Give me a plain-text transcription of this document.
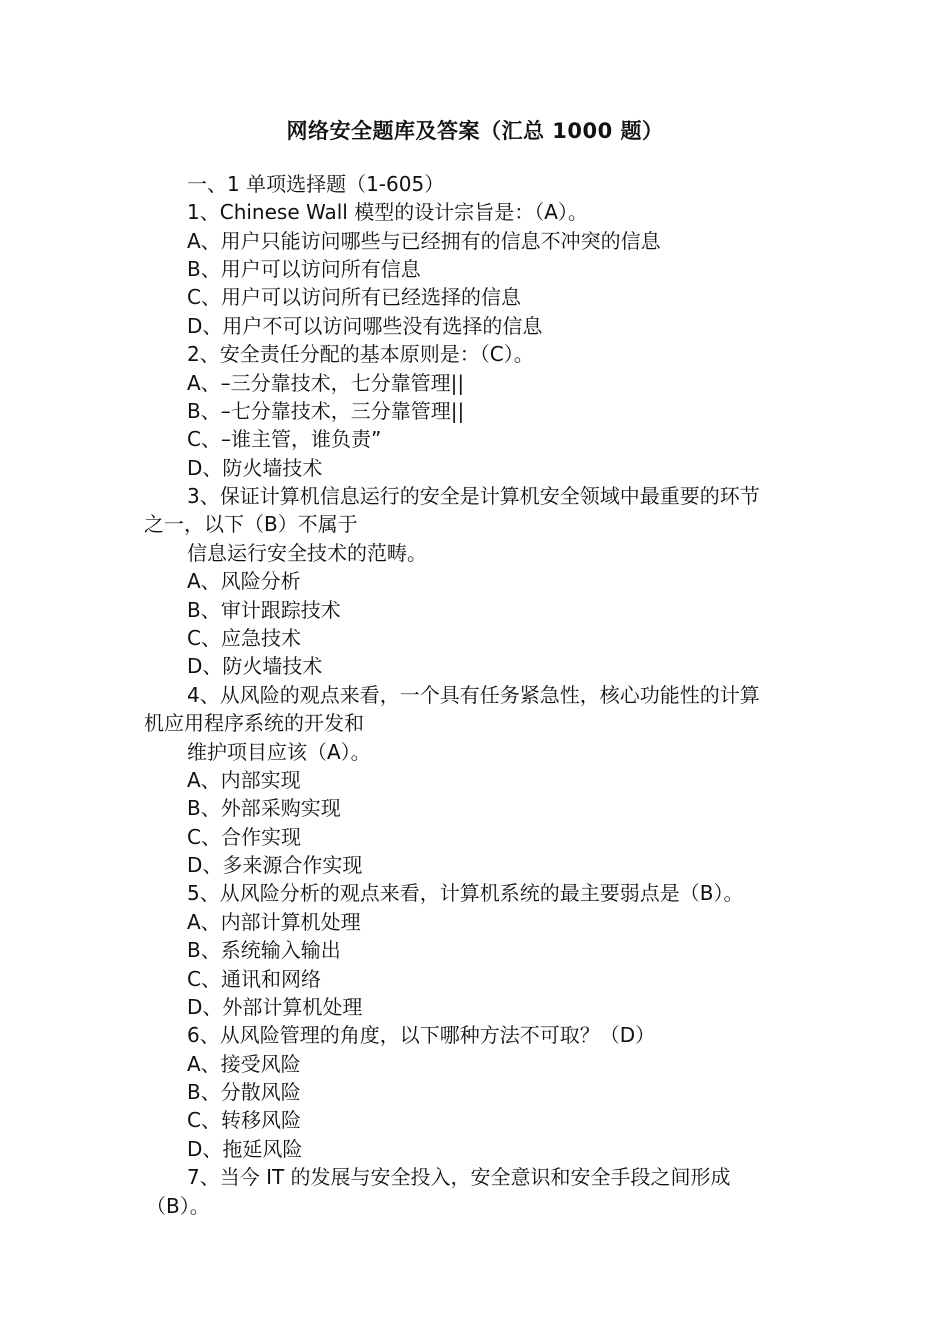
网络安全题库及答案（汇总 1000 题）
一、1 单项选择题（1-605）
1、Chinese Wall 模型的设计宗旨是：（A）。
A、用户只能访问哪些与已经拥有的信息不冲突的信息
B、用户可以访问所有信息
C、用户可以访问所有已经选择的信息
D、用户不可以访问哪些没有选择的信息
2、安全责任分配的基本原则是：（C）。
A、–三分靠技术，七分靠管理||
B、–七分靠技术，三分靠管理||
C、–谁主管，谁负责”
D、防火墙技术
3、保证计算机信息运行的安全是计算机安全领域中最重要的环节
之一，以下（B）不属于
信息运行安全技术的范畴。
A、风险分析
B、审计跟踪技术
C、应急技术
D、防火墙技术
4、从风险的观点来看，一个具有任务紧急性，核心功能性的计算
机应用程序系统的开发和
维护项目应该（A）。
A、内部实现
B、外部采购实现
C、合作实现
D、多来源合作实现
5、从风险分析的观点来看，计算机系统的最主要弱点是（B）。
A、内部计算机处理
B、系统输入输出
C、通讯和网络
D、外部计算机处理
6、从风险管理的角度，以下哪种方法不可取？（D）
A、接受风险
B、分散风险
C、转移风险
D、拖延风险
7、当今 IT 的发展与安全投入，安全意识和安全手段之间形成
（B）。
